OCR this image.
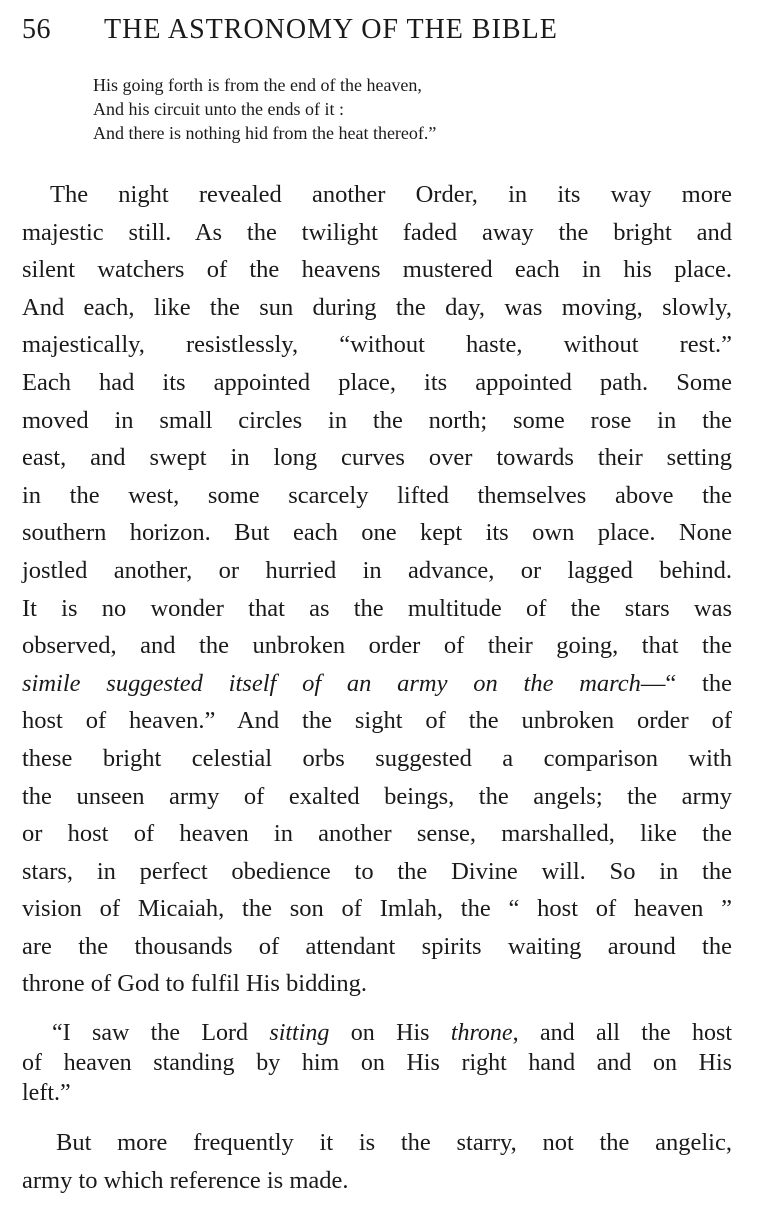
56 THE ASTRONOMY OF THE BIBLE
His going forth is from the end of the heaven,
And his circuit unto the ends of it :
And there is nothing hid from the heat thereof.”
The night revealed another Order, in its way more
majestic still. As the twilight faded away the bright and
silent watchers of the heavens mustered each in his place.
And each, like the sun during the day, was moving, slowly,
majestically, resistlessly, “without haste, without rest.”
Each had its appointed place, its appointed path. Some
moved in small circles in the north; some rose in the
east, and swept in long curves over towards their setting
in the west, some scarcely lifted themselves above the
southern horizon. But each one kept its own place. None
jostled another, or hurried in advance, or lagged behind.
It is no wonder that as the multitude of the stars was
observed, and the unbroken order of their going, that the
simile suggested itself of an army on the march—“ the
host of heaven.” And the sight of the unbroken order of
these bright celestial orbs suggested a comparison with
the unseen army of exalted beings, the angels; the army
or host of heaven in another sense, marshalled, like the
stars, in perfect obedience to the Divine will. So in the
vision of Micaiah, the son of Imlah, the “ host of heaven ”
are the thousands of attendant spirits waiting around the
throne of God to fulfil His bidding.
“I saw the Lord sitting on His throne, and all the host
of heaven standing by him on His right hand and on His
left.”
But more frequently it is the starry, not the angelic,
army to which reference is made.
